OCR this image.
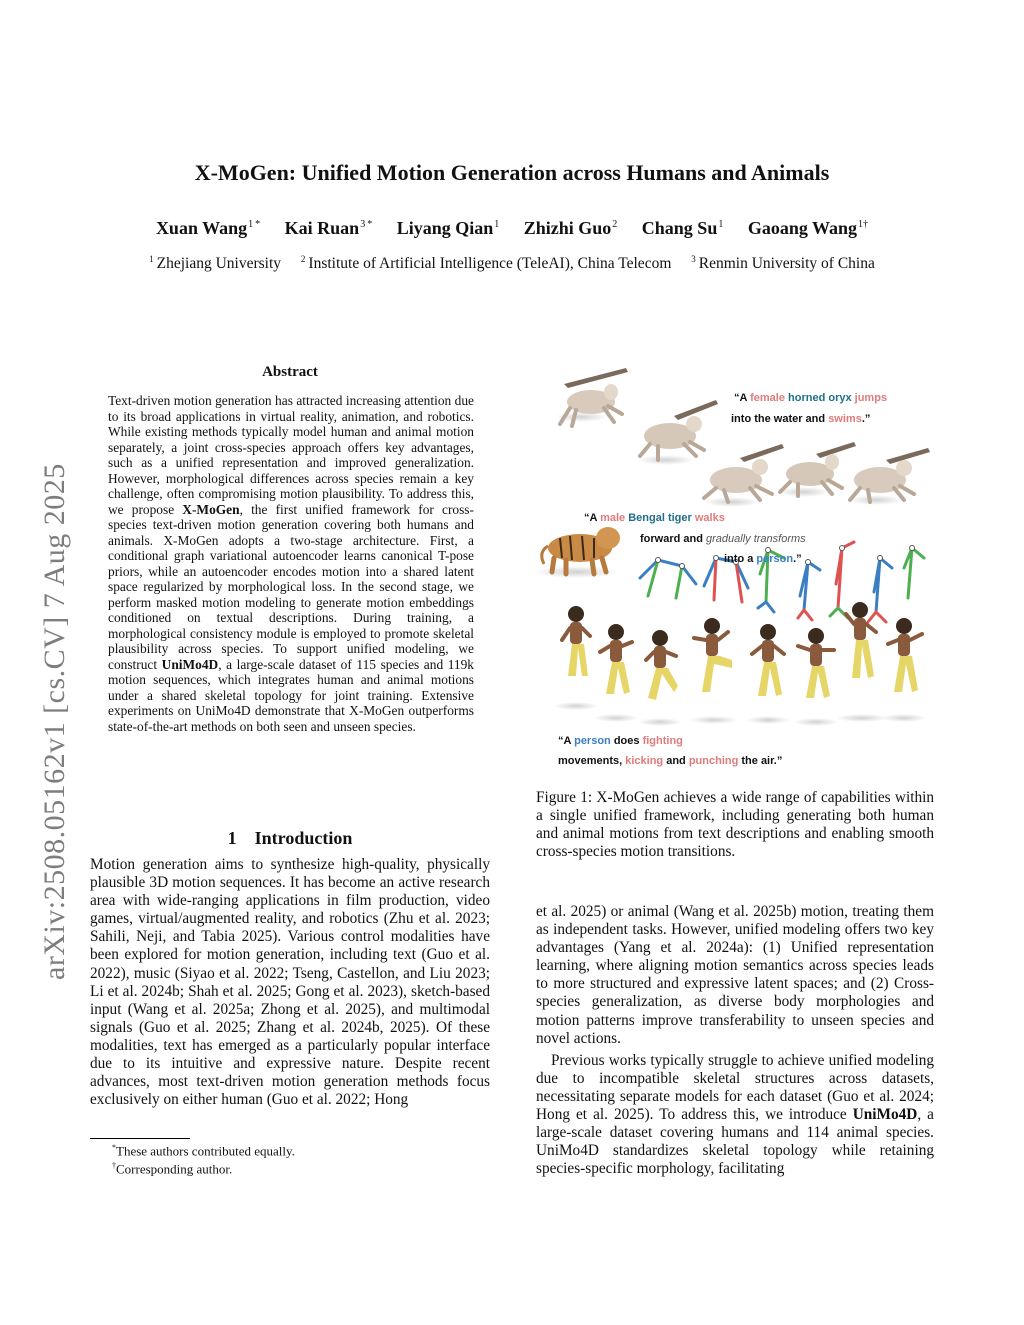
X-MoGen: Unified Motion Generation across Humans and Animals
Xuan Wang$^{1 *}$ Kai Ruan$^{3 *}$ Liyang Qian$^1$ Zhizhi Guo$^2$ Chang Su$^1$ Gaoang Wang$^{1\dagger}$
$^1$ Zhejiang University $^2$ Institute of Artificial Intelligence (TeleAI), China Telecom $^3$ Renmin University of China
arXiv:2508.05162v1 [cs.CV] 7 Aug 2025
Abstract
Text-driven motion generation has attracted increasing attention due to its broad applications in virtual reality, animation, and robotics. While existing methods typically model human and animal motion separately, a joint cross-species approach offers key advantages, such as a unified representation and improved generalization. However, morphological differences across species remain a key challenge, often compromising motion plausibility. To address this, we propose X-MoGen, the first unified framework for cross-species text-driven motion generation covering both humans and animals. X-MoGen adopts a two-stage architecture. First, a conditional graph variational autoencoder learns canonical T-pose priors, while an autoencoder encodes motion into a shared latent space regularized by morphological loss. In the second stage, we perform masked motion modeling to generate motion embeddings conditioned on textual descriptions. During training, a morphological consistency module is employed to promote skeletal plausibility across species. To support unified modeling, we construct UniMo4D, a large-scale dataset of 115 species and 119k motion sequences, which integrates human and animal motions under a shared skeletal topology for joint training. Extensive experiments on UniMo4D demonstrate that X-MoGen outperforms state-of-the-art methods on both seen and unseen species.
1 Introduction
Motion generation aims to synthesize high-quality, physically plausible 3D motion sequences. It has become an active research area with wide-ranging applications in film production, video games, virtual/augmented reality, and robotics (Zhu et al. 2023; Sahili, Neji, and Tabia 2025). Various control modalities have been explored for motion generation, including text (Guo et al. 2022), music (Siyao et al. 2022; Tseng, Castellon, and Liu 2023; Li et al. 2024b; Shah et al. 2025; Gong et al. 2023), sketch-based input (Wang et al. 2025a; Zhong et al. 2025), and multimodal signals (Guo et al. 2025; Zhang et al. 2024b, 2025). Of these modalities, text has emerged as a particularly popular interface due to its intuitive and expressive nature. Despite recent advances, most text-driven motion generation methods focus exclusively on either human (Guo et al. 2022; Hong
*These authors contributed equally.
†Corresponding author.
“A female horned oryx jumps
into the water and swims.”
“A male Bengal tiger walks
forward and gradually transforms
into a person.”
“A person does fighting
movements, kicking and punching the air.”
Figure 1: X-MoGen achieves a wide range of capabilities within a single unified framework, including generating both human and animal motions from text descriptions and enabling smooth cross-species motion transitions.

et al. 2025) or animal (Wang et al. 2025b) motion, treating them as independent tasks. However, unified modeling offers two key advantages (Yang et al. 2024a): (1) Unified representation learning, where aligning motion semantics across species leads to more structured and expressive latent spaces; and (2) Cross-species generalization, as diverse body morphologies and motion patterns improve transferability to unseen species and novel actions.

Previous works typically struggle to achieve unified modeling due to incompatible skeletal structures across datasets, necessitating separate models for each dataset (Guo et al. 2024; Hong et al. 2025). To address this, we introduce UniMo4D, a large-scale dataset covering humans and 114 animal species. UniMo4D standardizes skeletal topology while retaining species-specific morphology, facilitating
